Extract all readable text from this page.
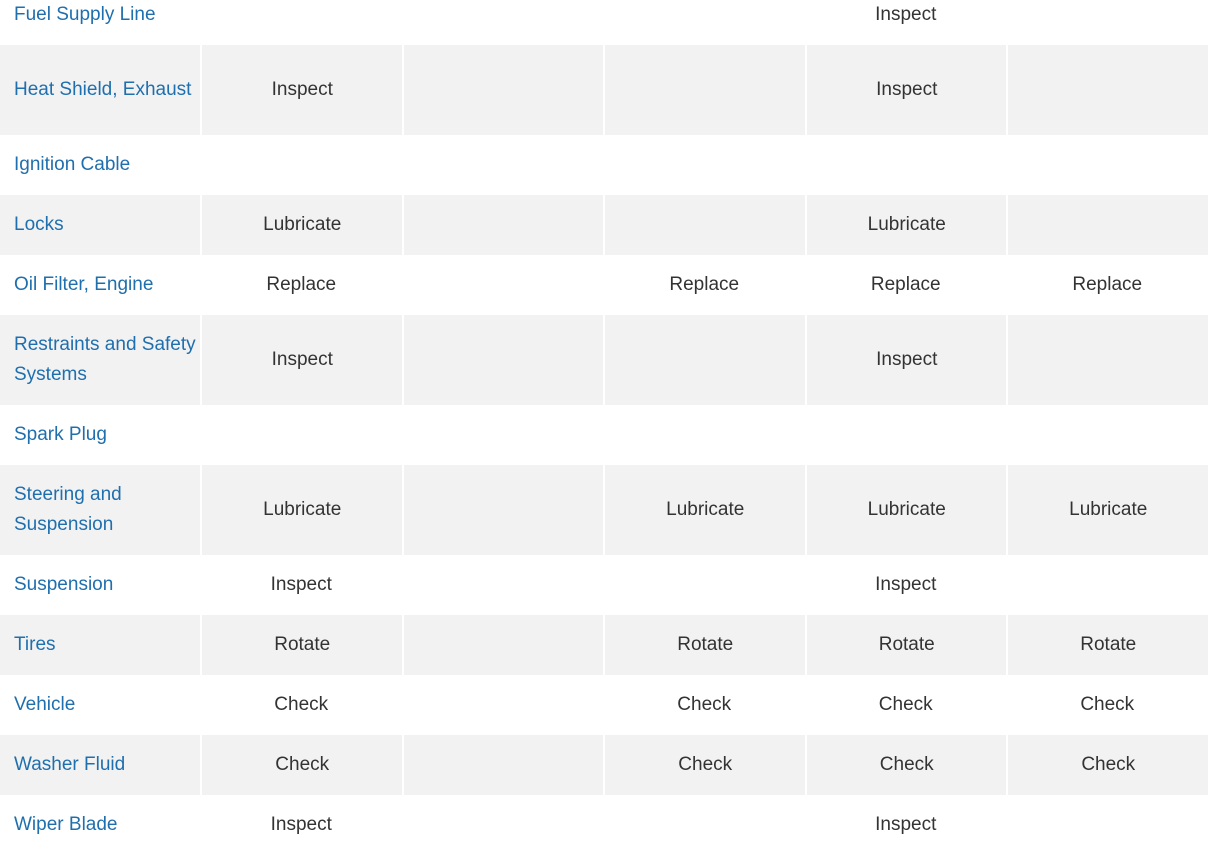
Fuel Supply Line				Inspect	
Heat Shield, Exhaust	Inspect			Inspect	
Ignition Cable					
Locks	Lubricate			Lubricate	
Oil Filter, Engine	Replace		Replace	Replace	Replace
Restraints and Safety Systems	Inspect			Inspect	
Spark Plug					
Steering and Suspension	Lubricate		Lubricate	Lubricate	Lubricate
Suspension	Inspect			Inspect	
Tires	Rotate		Rotate	Rotate	Rotate
Vehicle	Check		Check	Check	Check
Washer Fluid	Check		Check	Check	Check
Wiper Blade	Inspect			Inspect	
